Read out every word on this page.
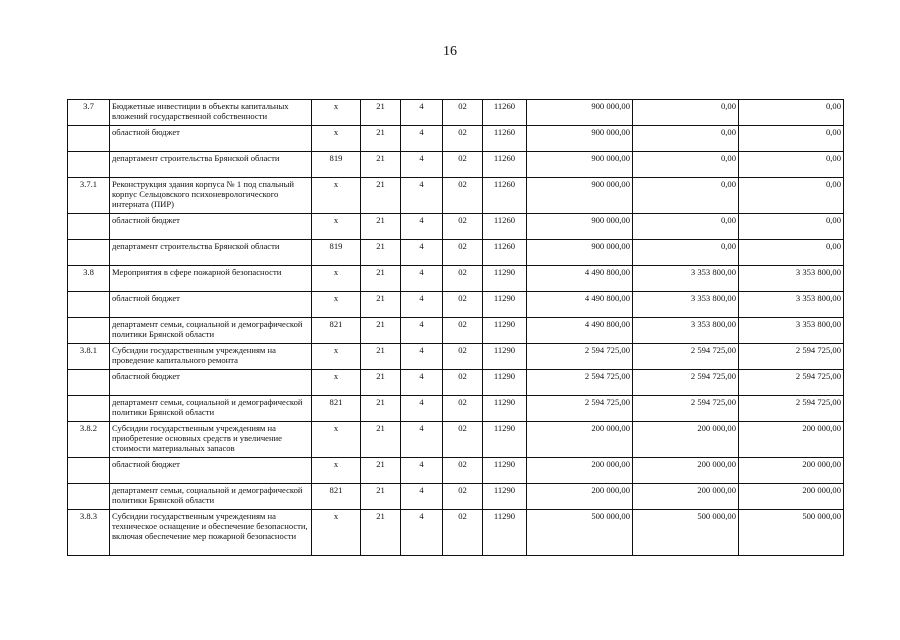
16
3.7	Бюджетные инвестиции в объекты капитальных вложений государственной собственности	х	21	4	02	11260	900 000,00	0,00	0,00
	областной бюджет	х	21	4	02	11260	900 000,00	0,00	0,00
	департамент строительства Брянской области	819	21	4	02	11260	900 000,00	0,00	0,00
3.7.1	Реконструкция здания корпуса № 1 под спальный корпус Сельцовского психоневрологического интерната (ПИР)	х	21	4	02	11260	900 000,00	0,00	0,00
	областной бюджет	х	21	4	02	11260	900 000,00	0,00	0,00
	департамент строительства Брянской области	819	21	4	02	11260	900 000,00	0,00	0,00
3.8	Мероприятия в сфере пожарной безопасности	х	21	4	02	11290	4 490 800,00	3 353 800,00	3 353 800,00
	областной бюджет	х	21	4	02	11290	4 490 800,00	3 353 800,00	3 353 800,00
	департамент семьи, социальной и демографической политики Брянской области	821	21	4	02	11290	4 490 800,00	3 353 800,00	3 353 800,00
3.8.1	Субсидии государственным учреждениям на проведение капитального ремонта	х	21	4	02	11290	2 594 725,00	2 594 725,00	2 594 725,00
	областной бюджет	х	21	4	02	11290	2 594 725,00	2 594 725,00	2 594 725,00
	департамент семьи, социальной и демографической политики Брянской области	821	21	4	02	11290	2 594 725,00	2 594 725,00	2 594 725,00
3.8.2	Субсидии государственным учреждениям на приобретение основных средств и увеличение стоимости материальных запасов	х	21	4	02	11290	200 000,00	200 000,00	200 000,00
	областной бюджет	х	21	4	02	11290	200 000,00	200 000,00	200 000,00
	департамент семьи, социальной и демографической политики Брянской области	821	21	4	02	11290	200 000,00	200 000,00	200 000,00
3.8.3	Субсидии государственным учреждениям на техническое оснащение и обеспечение безопасности, включая обеспечение мер пожарной безопасности	х	21	4	02	11290	500 000,00	500 000,00	500 000,00
